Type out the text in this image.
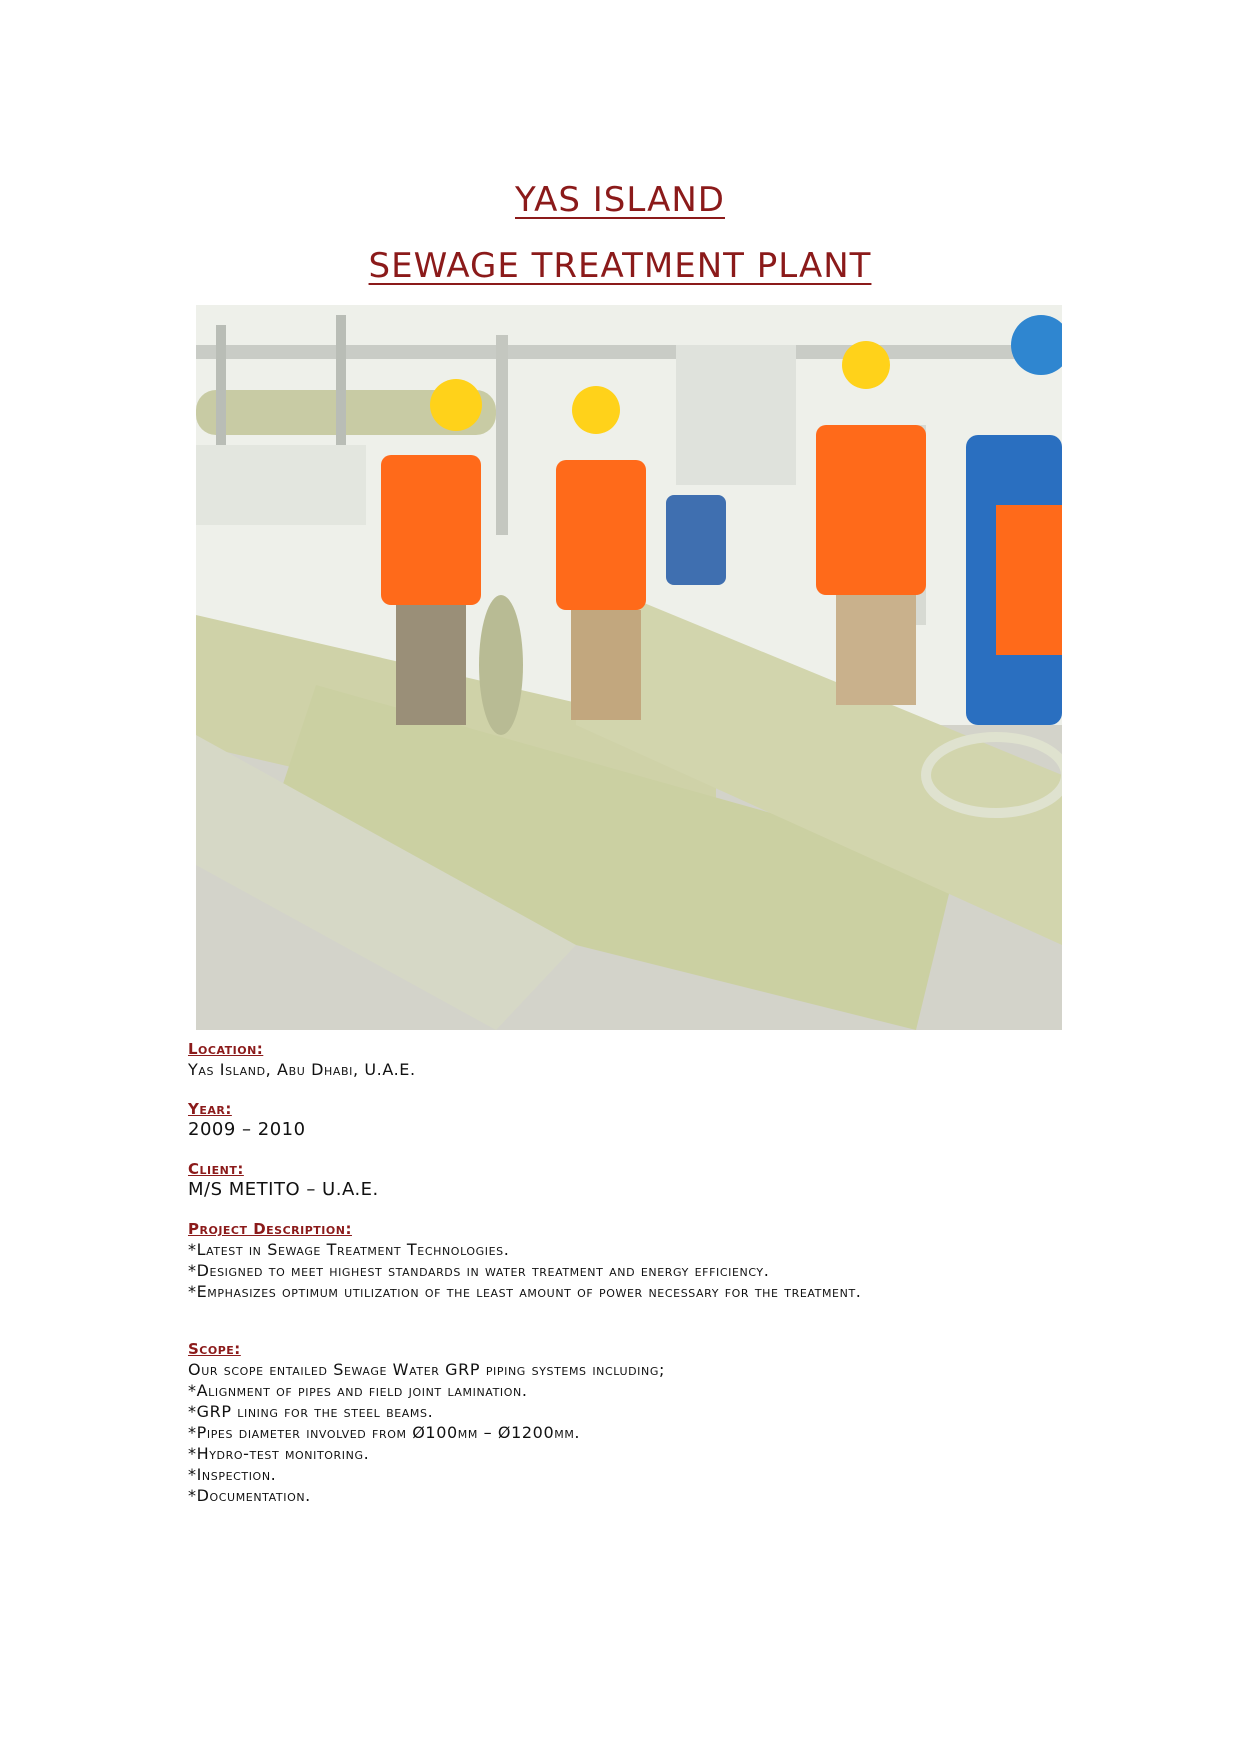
YAS ISLAND
SEWAGE TREATMENT PLANT
Location:
Yas Island, Abu Dhabi, U.A.E.
Year:
2009 – 2010
Client:
M/S METITO – U.A.E.
Project Description:
*Latest in Sewage Treatment Technologies.
*Designed to meet highest standards in water treatment and energy efficiency.
*Emphasizes optimum utilization of the least amount of power necessary for the treatment.
Scope:
Our scope entailed Sewage Water GRP piping systems including;
*Alignment of pipes and field joint lamination.
*GRP lining for the steel beams.
*Pipes diameter involved from Ø100mm – Ø1200mm.
*Hydro-test monitoring.
*Inspection.
*Documentation.
